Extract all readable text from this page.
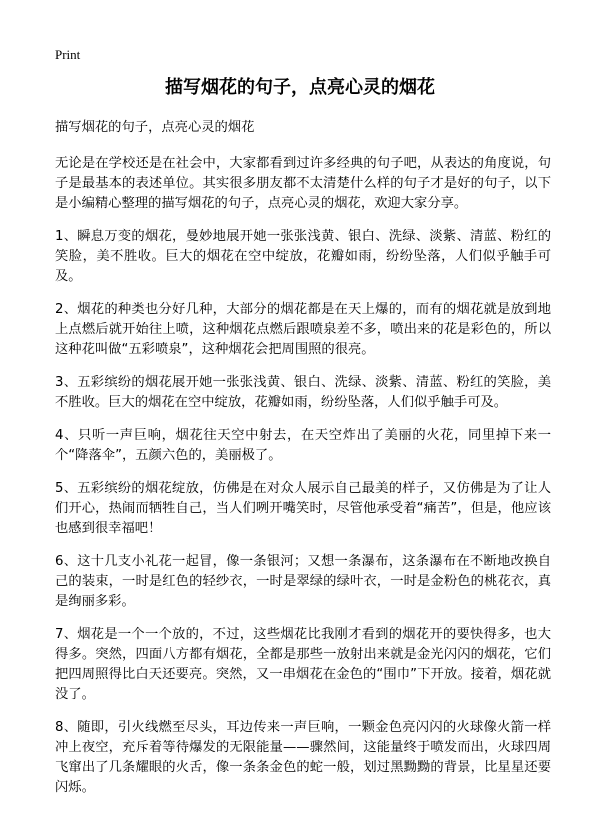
Print
描写烟花的句子，点亮心灵的烟花

描写烟花的句子，点亮心灵的烟花

无论是在学校还是在社会中，大家都看到过许多经典的句子吧，从表达的角度说，句子是最基本的表述单位。其实很多朋友都不太清楚什么样的句子才是好的句子，以下是小编精心整理的描写烟花的句子，点亮心灵的烟花，欢迎大家分享。

1、瞬息万变的烟花，曼妙地展开她一张张浅黄、银白、洗绿、淡紫、清蓝、粉红的笑脸，美不胜收。巨大的烟花在空中绽放，花瓣如雨，纷纷坠落，人们似乎触手可及。

2、烟花的种类也分好几种，大部分的烟花都是在天上爆的，而有的烟花就是放到地上点燃后就开始往上喷，这种烟花点燃后跟喷泉差不多，喷出来的花是彩色的，所以这种花叫做“五彩喷泉”，这种烟花会把周围照的很亮。

3、五彩缤纷的烟花展开她一张张浅黄、银白、洗绿、淡紫、清蓝、粉红的笑脸，美不胜收。巨大的烟花在空中绽放，花瓣如雨，纷纷坠落，人们似乎触手可及。

4、只听一声巨响，烟花往天空中射去，在天空炸出了美丽的火花，同里掉下来一个“降落伞”，五颜六色的，美丽极了。

5、五彩缤纷的烟花绽放，仿佛是在对众人展示自己最美的样子，又仿佛是为了让人们开心，热闹而牺牲自己，当人们咧开嘴笑时，尽管他承受着“痛苦”，但是，他应该也感到很幸福吧！

6、这十几支小礼花一起冒，像一条银河；又想一条瀑布，这条瀑布在不断地改换自己的装束，一时是红色的轻纱衣，一时是翠绿的绿叶衣，一时是金粉色的桃花衣，真是绚丽多彩。

7、烟花是一个一个放的，不过，这些烟花比我刚才看到的烟花开的要快得多，也大得多。突然，四面八方都有烟花，全都是那些一放射出来就是金光闪闪的烟花，它们把四周照得比白天还要亮。突然，又一串烟花在金色的“围巾”下开放。接着，烟花就没了。

8、随即，引火线燃至尽头，耳边传来一声巨响，一颗金色亮闪闪的火球像火箭一样冲上夜空，充斥着等待爆发的无限能量——骤然间，这能量终于喷发而出，火球四周飞窜出了几条耀眼的火舌，像一条条金色的蛇一般，划过黑黝黝的背景，比星星还要闪烁。
